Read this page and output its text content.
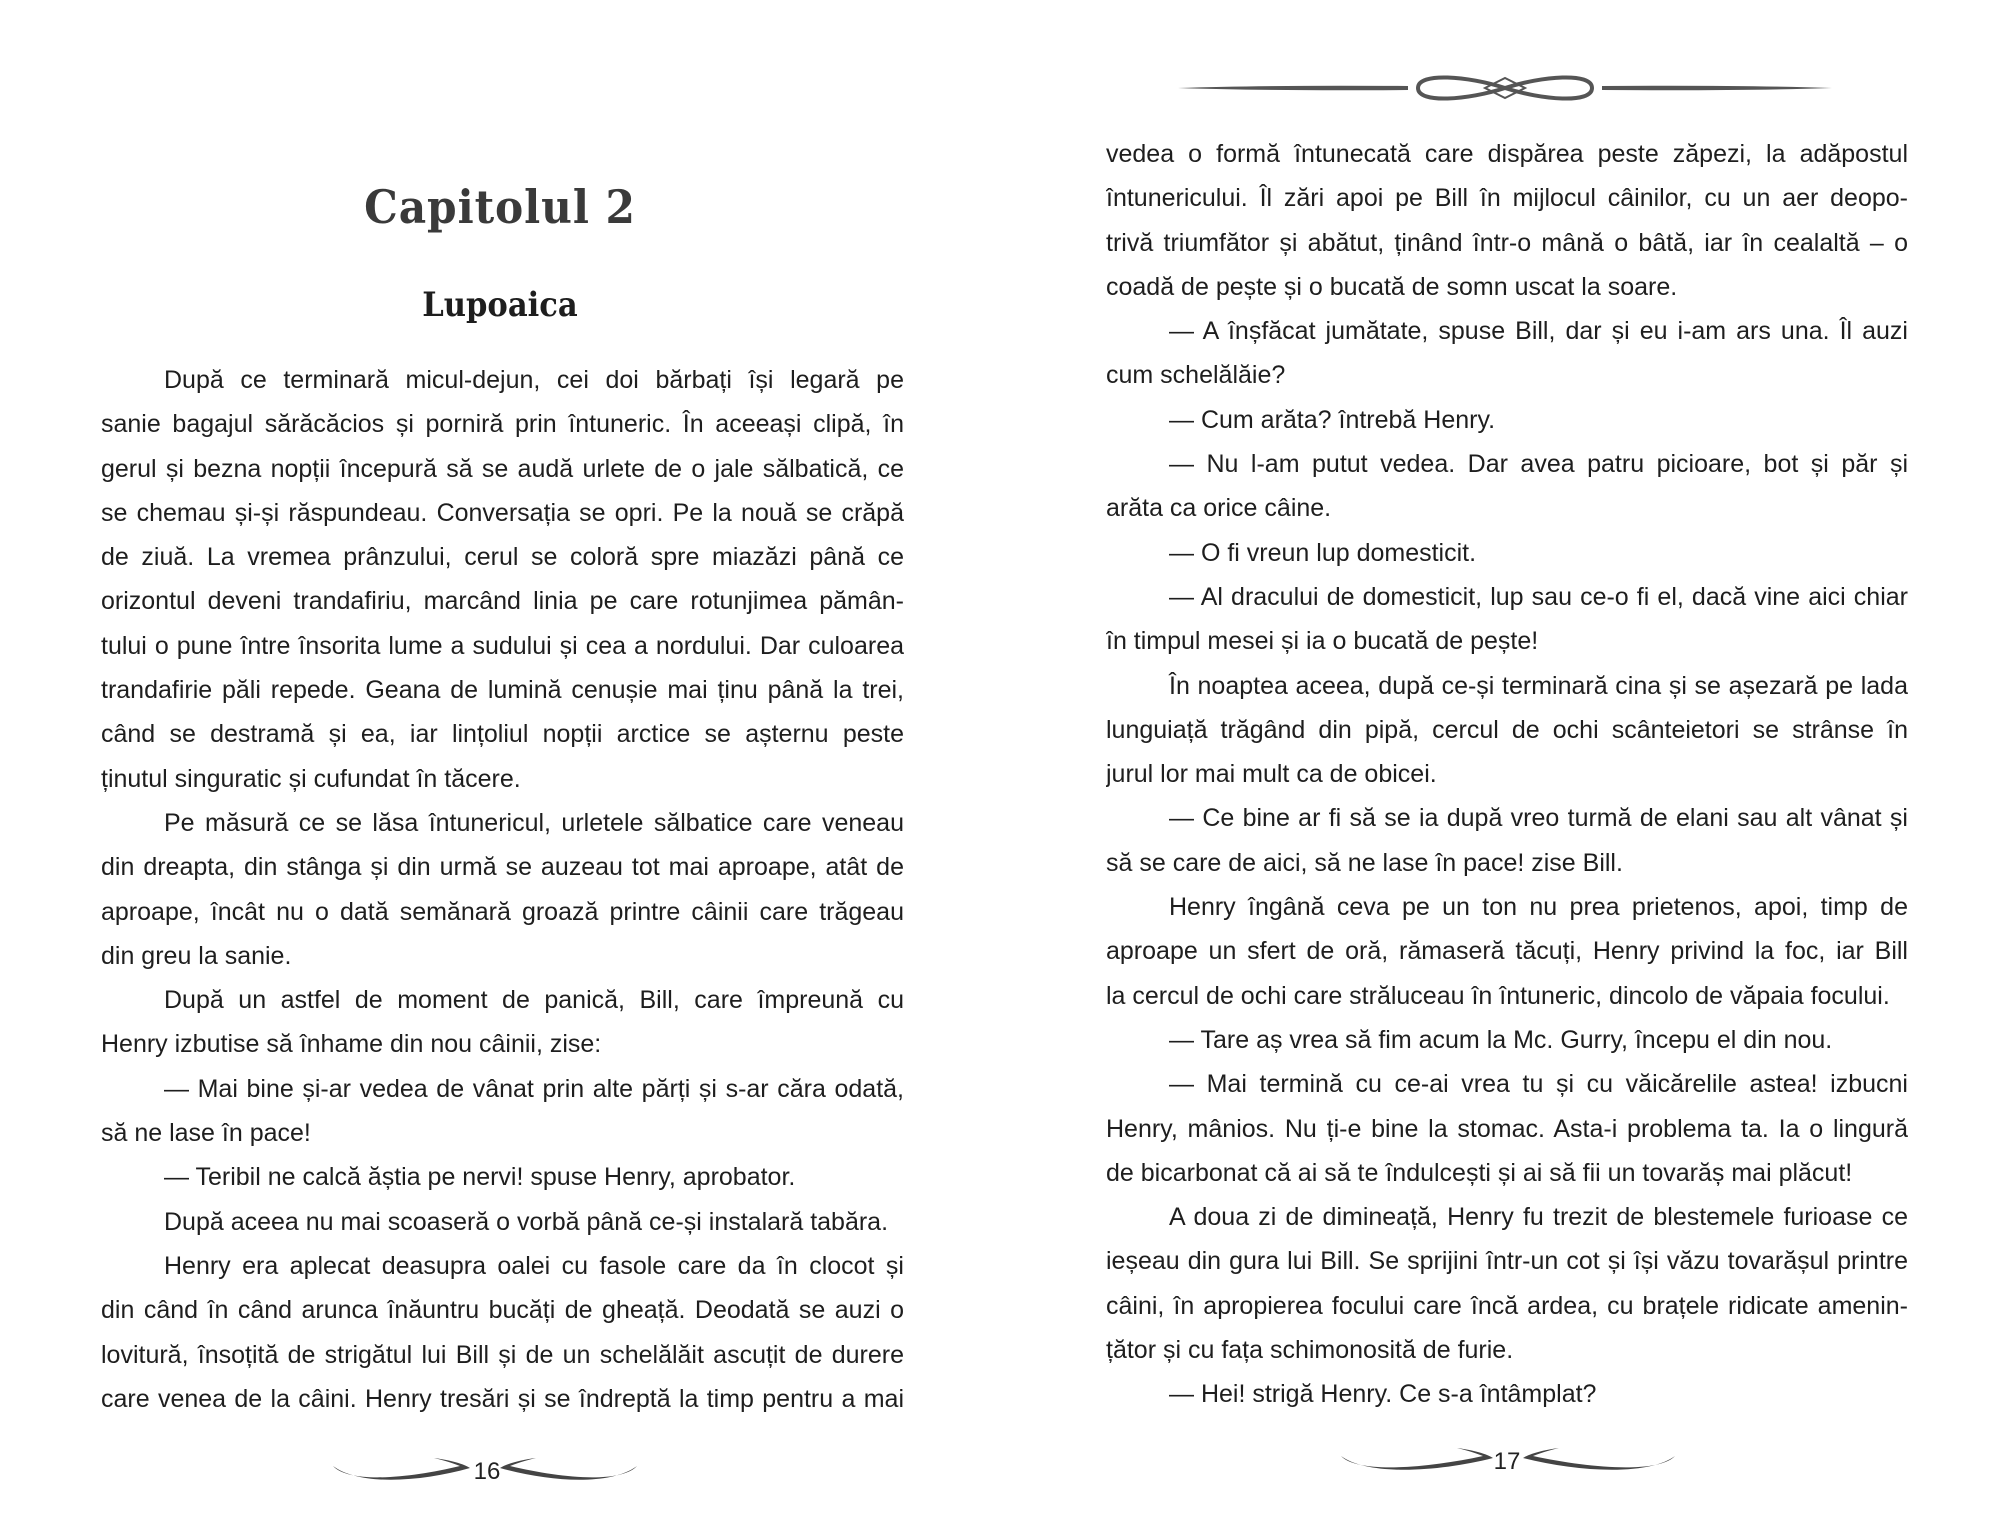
Capitolul 2
Lupoaica
După ce terminară micul-dejun, cei doi bărbați își legară pe
sanie bagajul sărăcăcios și porniră prin întuneric. În aceeași clipă, în
gerul și bezna nopții începură să se audă urlete de o jale sălbatică, ce
se chemau și-și răspundeau. Conversația se opri. Pe la nouă se crăpă
de ziuă. La vremea prânzului, cerul se coloră spre miazăzi până ce
orizontul deveni trandafiriu, marcând linia pe care rotunjimea pămân-
tului o pune între însorita lume a sudului și cea a nordului. Dar culoarea
trandafirie păli repede. Geana de lumină cenușie mai ținu până la trei,
când se destramă și ea, iar lințoliul nopții arctice se așternu peste
ținutul singuratic și cufundat în tăcere.
Pe măsură ce se lăsa întunericul, urletele sălbatice care veneau
din dreapta, din stânga și din urmă se auzeau tot mai aproape, atât de
aproape, încât nu o dată semănară groază printre câinii care trăgeau
din greu la sanie.
După un astfel de moment de panică, Bill, care împreună cu
Henry izbutise să înhame din nou câinii, zise:
— Mai bine și-ar vedea de vânat prin alte părți și s-ar căra odată,
să ne lase în pace!
— Teribil ne calcă ăștia pe nervi! spuse Henry, aprobator.
După aceea nu mai scoaseră o vorbă până ce-și instalară tabăra.
Henry era aplecat deasupra oalei cu fasole care da în clocot și
din când în când arunca înăuntru bucăți de gheață. Deodată se auzi o
lovitură, însoțită de strigătul lui Bill și de un schelălăit ascuțit de durere
care venea de la câini. Henry tresări și se îndreptă la timp pentru a mai
16
vedea o formă întunecată care dispărea peste zăpezi, la adăpostul
întunericului. Îl zări apoi pe Bill în mijlocul câinilor, cu un aer deopo-
trivă triumfător și abătut, ținând într-o mână o bâtă, iar în cealaltă – o
coadă de pește și o bucată de somn uscat la soare.
— A înșfăcat jumătate, spuse Bill, dar și eu i-am ars una. Îl auzi
cum schelălăie?
— Cum arăta? întrebă Henry.
— Nu l-am putut vedea. Dar avea patru picioare, bot și păr și
arăta ca orice câine.
— O fi vreun lup domesticit.
— Al dracului de domesticit, lup sau ce-o fi el, dacă vine aici chiar
în timpul mesei și ia o bucată de pește!
În noaptea aceea, după ce-și terminară cina și se așezară pe lada
lunguiață trăgând din pipă, cercul de ochi scânteietori se strânse în
jurul lor mai mult ca de obicei.
— Ce bine ar fi să se ia după vreo turmă de elani sau alt vânat și
să se care de aici, să ne lase în pace! zise Bill.
Henry îngână ceva pe un ton nu prea prietenos, apoi, timp de
aproape un sfert de oră, rămaseră tăcuți, Henry privind la foc, iar Bill
la cercul de ochi care străluceau în întuneric, dincolo de văpaia focului.
— Tare aș vrea să fim acum la Mc. Gurry, începu el din nou.
— Mai termină cu ce-ai vrea tu și cu văicărelile astea! izbucni
Henry, mânios. Nu ți-e bine la stomac. Asta-i problema ta. Ia o lingură
de bicarbonat că ai să te îndulcești și ai să fii un tovarăș mai plăcut!
A doua zi de dimineață, Henry fu trezit de blestemele furioase ce
ieșeau din gura lui Bill. Se sprijini într-un cot și își văzu tovarășul printre
câini, în apropierea focului care încă ardea, cu brațele ridicate amenin-
țător și cu fața schimonosită de furie.
— Hei! strigă Henry. Ce s-a întâmplat?
17
